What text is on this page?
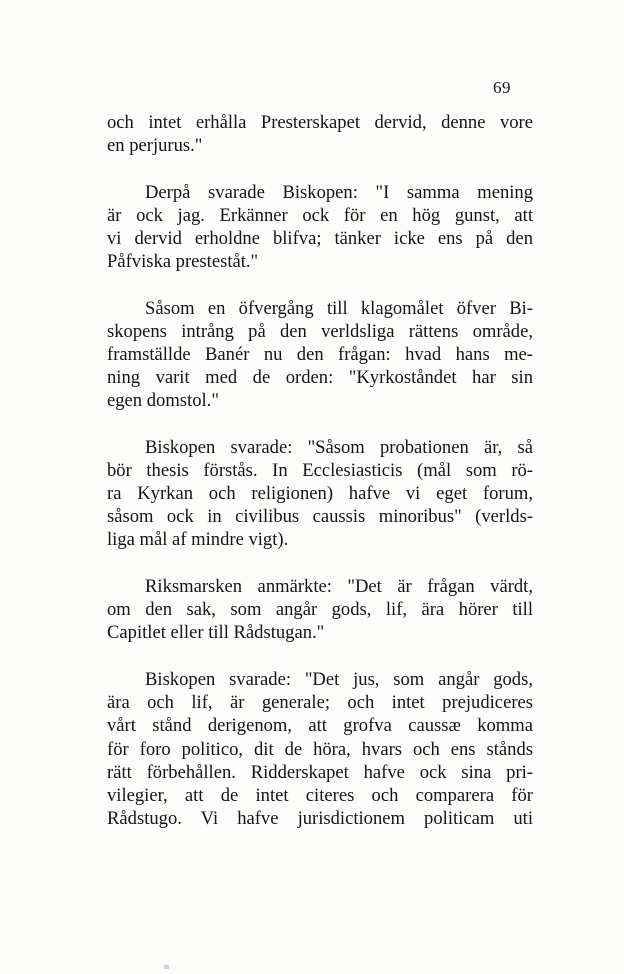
69
och intet erhålla Presterskapet dervid, denne vore
en perjurus."
Derpå svarade Biskopen: "I samma mening
är ock jag. Erkänner ock för en hög gunst, att
vi dervid erholdne blifva; tänker icke ens på den
Påfviska presteståt."
Såsom en öfvergång till klagomålet öfver Bi-
skopens intrång på den verldsliga rättens område,
framställde Banér nu den frågan: hvad hans me-
ning varit med de orden: "Kyrkoståndet har sin
egen domstol."
Biskopen svarade: "Såsom probationen är, så
bör thesis förstås. In Ecclesiasticis (mål som rö-
ra Kyrkan och religionen) hafve vi eget forum,
såsom ock in civilibus caussis minoribus" (verlds-
liga mål af mindre vigt).
Riksmarsken anmärkte: "Det är frågan värdt,
om den sak, som angår gods, lif, ära hörer till
Capitlet eller till Rådstugan."
Biskopen svarade: "Det jus, som angår gods,
ära och lif, är generale; och intet prejudiceres
vårt stånd derigenom, att grofva caussæ komma
för foro politico, dit de höra, hvars och ens stånds
rätt förbehållen. Ridderskapet hafve ock sina pri-
vilegier, att de intet citeres och comparera för
Rådstugo. Vi hafve jurisdictionem politicam uti
